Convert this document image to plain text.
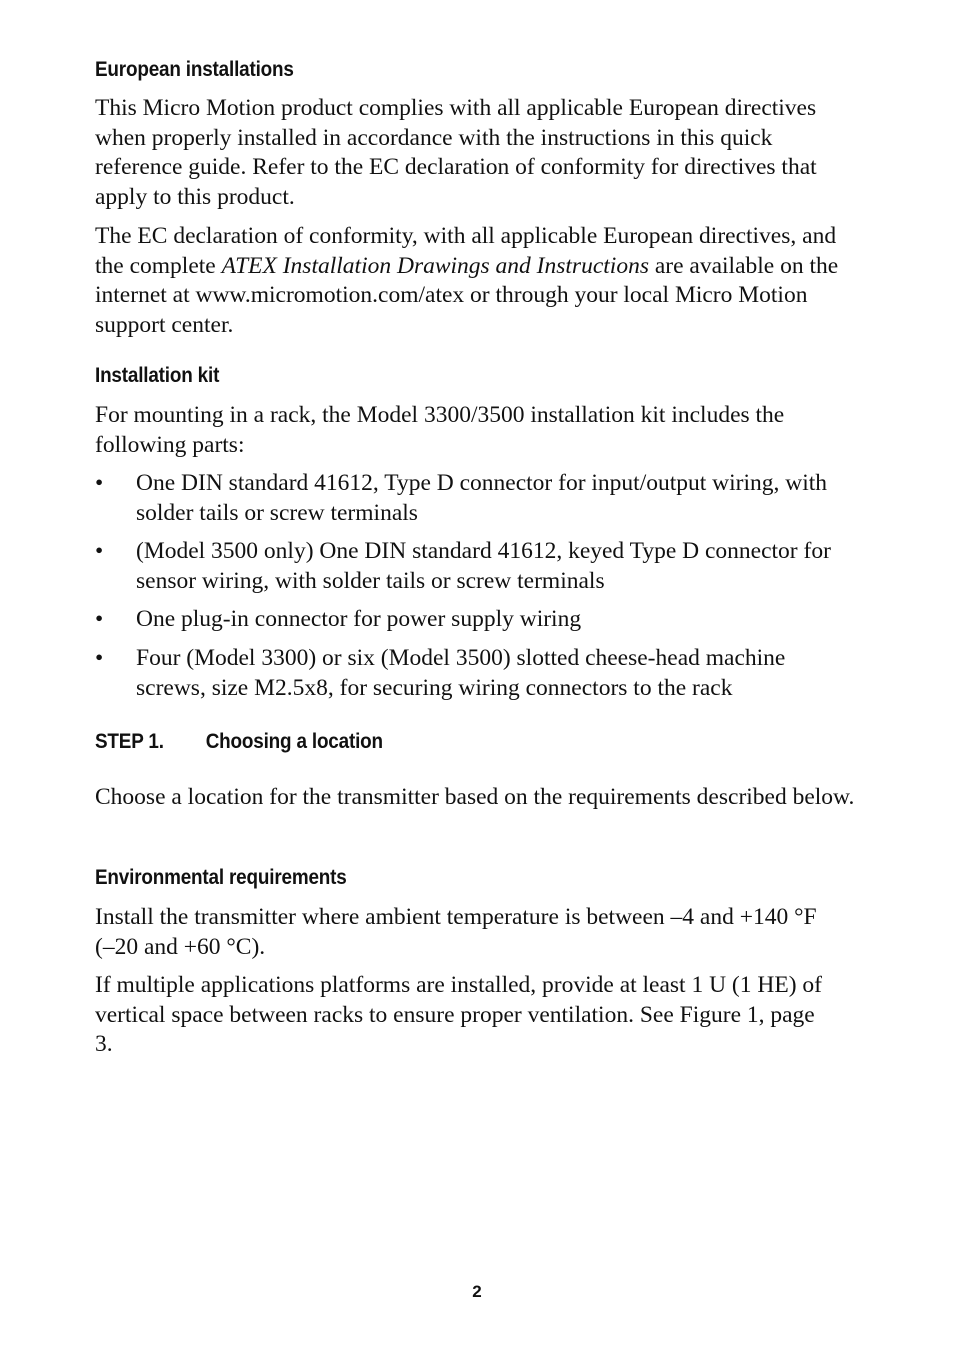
European installations

This Micro Motion product complies with all applicable European directives when properly installed in accordance with the instructions in this quick reference guide. Refer to the EC declaration of conformity for directives that apply to this product.

The EC declaration of conformity, with all applicable European directives, and the complete ATEX Installation Drawings and Instructions are available on the internet at www.micromotion.com/atex or through your local Micro Motion support center.

Installation kit

For mounting in a rack, the Model 3300/3500 installation kit includes the following parts:

• One DIN standard 41612, Type D connector for input/output wiring, with solder tails or screw terminals
• (Model 3500 only) One DIN standard 41612, keyed Type D connector for sensor wiring, with solder tails or screw terminals
• One plug-in connector for power supply wiring
• Four (Model 3300) or six (Model 3500) slotted cheese-head machine screws, size M2.5x8, for securing wiring connectors to the rack
STEP 1.	Choosing a location

Choose a location for the transmitter based on the requirements described below.

Environmental requirements

Install the transmitter where ambient temperature is between –4 and +140 °F (–20 and +60 °C).

If multiple applications platforms are installed, provide at least 1 U (1 HE) of vertical space between racks to ensure proper ventilation. See Figure 1, page 3.

2
